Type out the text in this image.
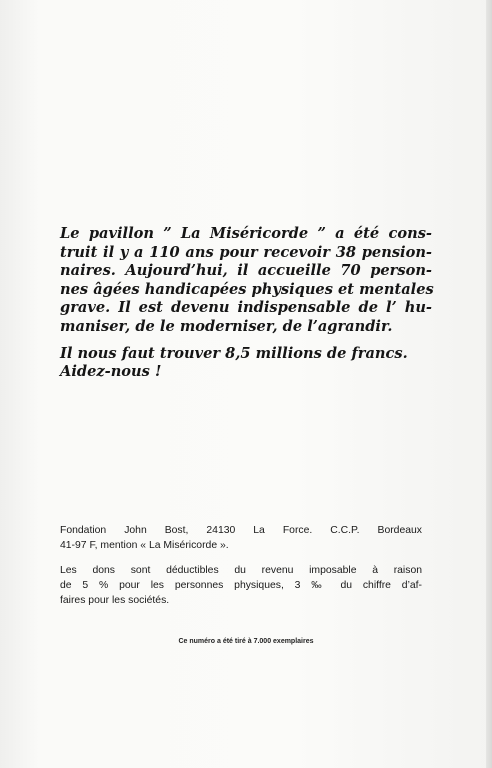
Le pavillon ” La Miséricorde ” a été cons-
truit il y a 110 ans pour recevoir 38 pension-
naires. Aujourd’hui, il accueille 70 person-
nes âgées handicapées physiques et mentales
grave. Il est devenu indispensable de l’ hu-
maniser, de le moderniser, de l’agrandir.
Il nous faut trouver 8,5 millions de francs.
Aidez-nous !
Fondation John Bost, 24130 La Force. C.C.P. Bordeaux
41-97 F, mention « La Miséricorde ».
Les dons sont déductibles du revenu imposable à raison
de 5 % pour les personnes physiques, 3 ‰ du chiffre d’af-
faires pour les sociétés.
Ce numéro a été tiré à 7.000 exemplaires
